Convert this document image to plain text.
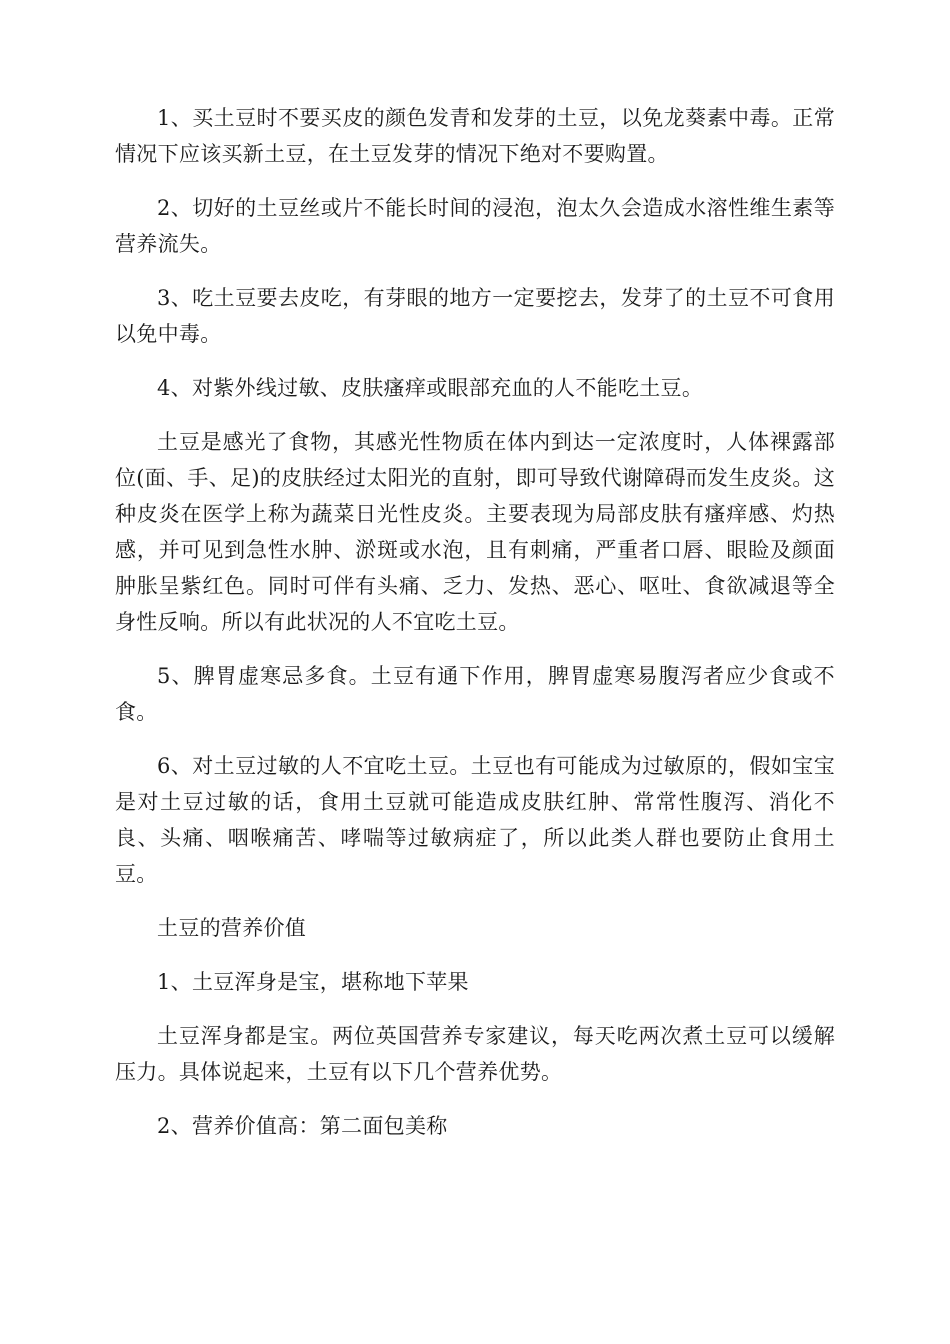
1、买土豆时不要买皮的颜色发青和发芽的土豆，以免龙葵素中毒。正常情况下应该买新土豆，在土豆发芽的情况下绝对不要购置。

2、切好的土豆丝或片不能长时间的浸泡，泡太久会造成水溶性维生素等营养流失。

3、吃土豆要去皮吃，有芽眼的地方一定要挖去，发芽了的土豆不可食用以免中毒。

4、对紫外线过敏、皮肤瘙痒或眼部充血的人不能吃土豆。

土豆是感光了食物，其感光性物质在体内到达一定浓度时，人体裸露部位(面、手、足)的皮肤经过太阳光的直射，即可导致代谢障碍而发生皮炎。这种皮炎在医学上称为蔬菜日光性皮炎。主要表现为局部皮肤有瘙痒感、灼热感，并可见到急性水肿、淤斑或水泡，且有刺痛，严重者口唇、眼睑及颜面肿胀呈紫红色。同时可伴有头痛、乏力、发热、恶心、呕吐、食欲减退等全身性反响。所以有此状况的人不宜吃土豆。

5、脾胃虚寒忌多食。土豆有通下作用，脾胃虚寒易腹泻者应少食或不食。

6、对土豆过敏的人不宜吃土豆。土豆也有可能成为过敏原的，假如宝宝是对土豆过敏的话，食用土豆就可能造成皮肤红肿、常常性腹泻、消化不良、头痛、咽喉痛苦、哮喘等过敏病症了，所以此类人群也要防止食用土豆。

土豆的营养价值

1、土豆浑身是宝，堪称地下苹果

土豆浑身都是宝。两位英国营养专家建议，每天吃两次煮土豆可以缓解压力。具体说起来，土豆有以下几个营养优势。

2、营养价值高：第二面包美称
